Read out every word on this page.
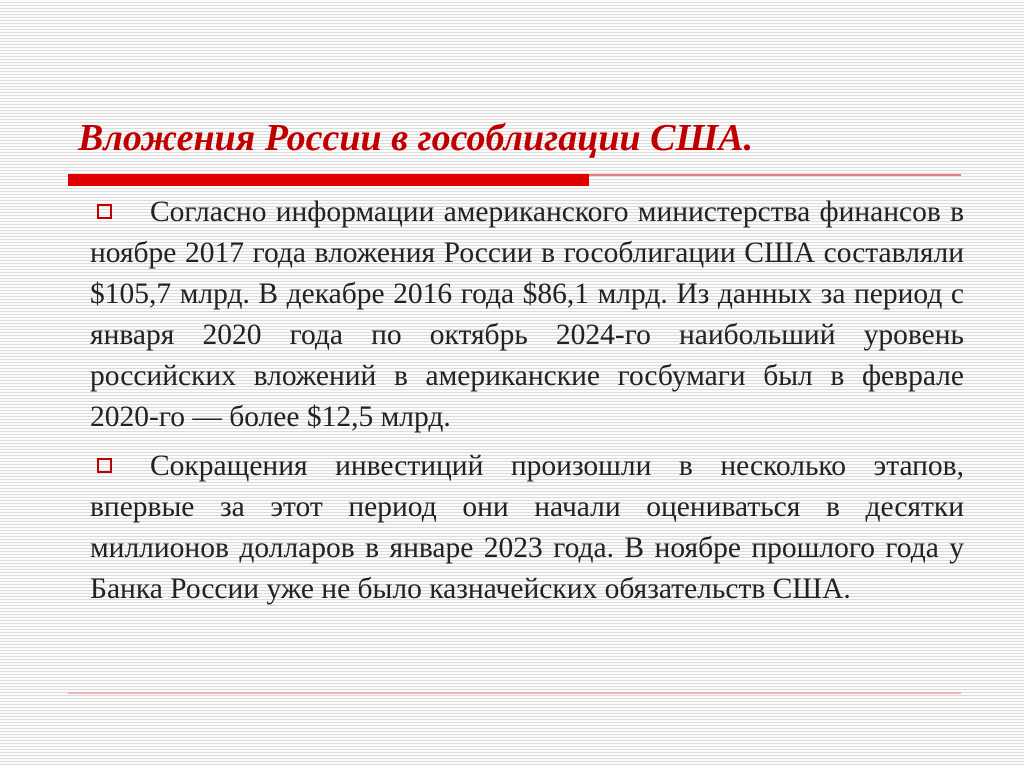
Вложения России в гособлигации США.

Согласно информации американского министерства финансов в ноябре 2017 года вложения России в гособлигации США составляли $105,7 млрд. В декабре 2016 года $86,1 млрд. Из данных за период с января 2020 года по октябрь 2024-го наибольший уровень российских вложений в американские госбумаги был в феврале 2020-го — более $12,5 млрд.

Сокращения инвестиций произошли в несколько этапов, впервые за этот период они начали оцениваться в десятки миллионов долларов в январе 2023 года. В ноябре прошлого года у Банка России уже не было казначейских обязательств США.
